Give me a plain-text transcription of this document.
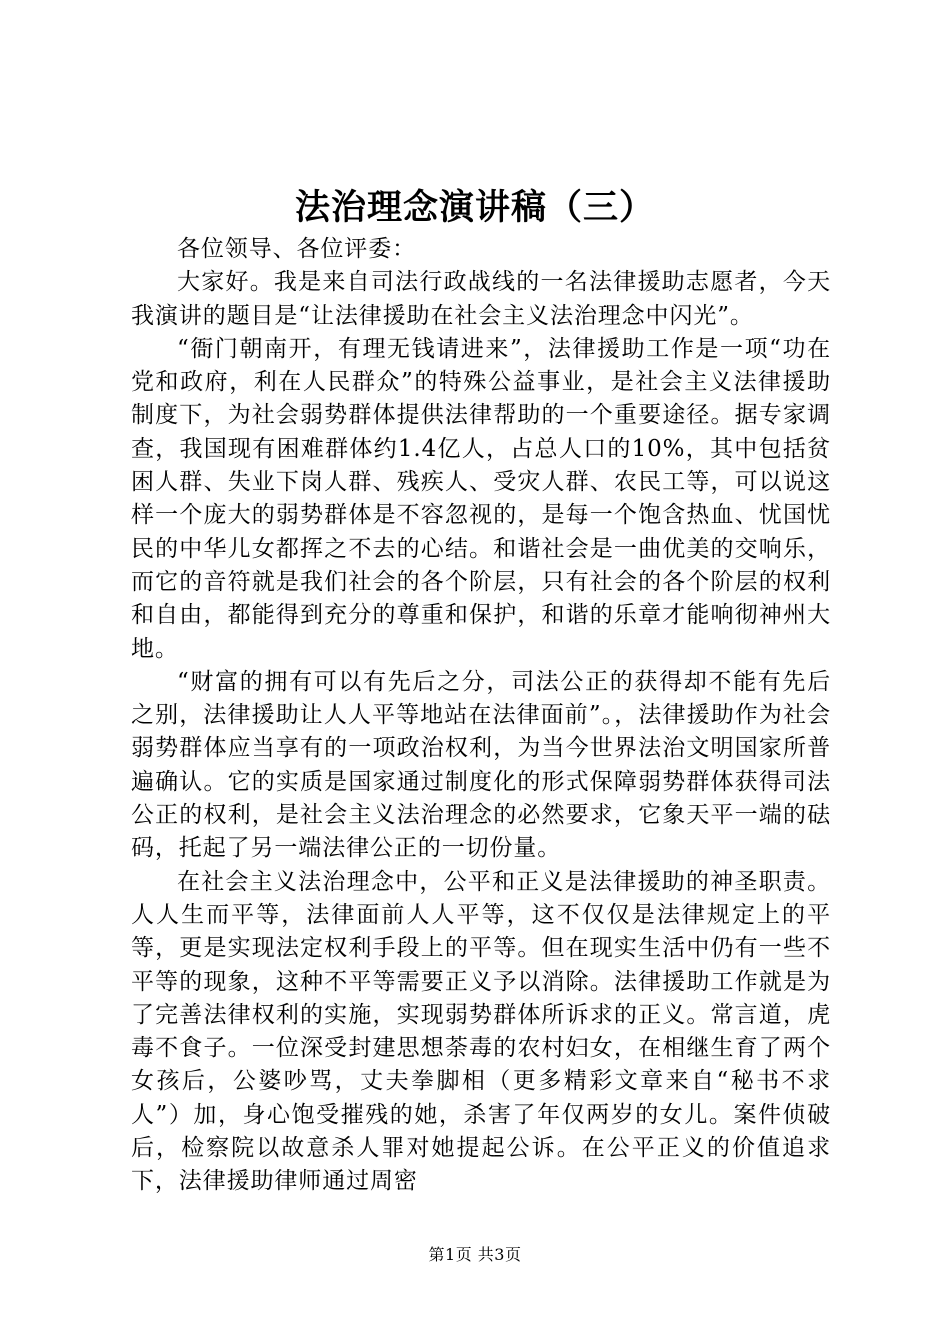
法治理念演讲稿（三）

各位领导、各位评委：

大家好。我是来自司法行政战线的一名法律援助志愿者，今天我演讲的题目是“让法律援助在社会主义法治理念中闪光”。

“衙门朝南开，有理无钱请进来”，法律援助工作是一项“功在党和政府，利在人民群众”的特殊公益事业，是社会主义法律援助制度下，为社会弱势群体提供法律帮助的一个重要途径。据专家调查，我国现有困难群体约1.4亿人，占总人口的10%，其中包括贫困人群、失业下岗人群、残疾人、受灾人群、农民工等，可以说这样一个庞大的弱势群体是不容忽视的，是每一个饱含热血、忧国忧民的中华儿女都挥之不去的心结。和谐社会是一曲优美的交响乐，而它的音符就是我们社会的各个阶层，只有社会的各个阶层的权利和自由，都能得到充分的尊重和保护，和谐的乐章才能响彻神州大地。

“财富的拥有可以有先后之分，司法公正的获得却不能有先后之别，法律援助让人人平等地站在法律面前”。，法律援助作为社会弱势群体应当享有的一项政治权利，为当今世界法治文明国家所普遍确认。它的实质是国家通过制度化的形式保障弱势群体获得司法公正的权利，是社会主义法治理念的必然要求，它象天平一端的砝码，托起了另一端法律公正的一切份量。

在社会主义法治理念中，公平和正义是法律援助的神圣职责。人人生而平等，法律面前人人平等，这不仅仅是法律规定上的平等，更是实现法定权利手段上的平等。但在现实生活中仍有一些不平等的现象，这种不平等需要正义予以消除。法律援助工作就是为了完善法律权利的实施，实现弱势群体所诉求的正义。常言道，虎毒不食子。一位深受封建思想荼毒的农村妇女，在相继生育了两个女孩后，公婆吵骂，丈夫拳脚相（更多精彩文章来自“秘书不求人”）加，身心饱受摧残的她，杀害了年仅两岁的女儿。案件侦破后，检察院以故意杀人罪对她提起公诉。在公平正义的价值追求下，法律援助律师通过周密

第1页 共3页
